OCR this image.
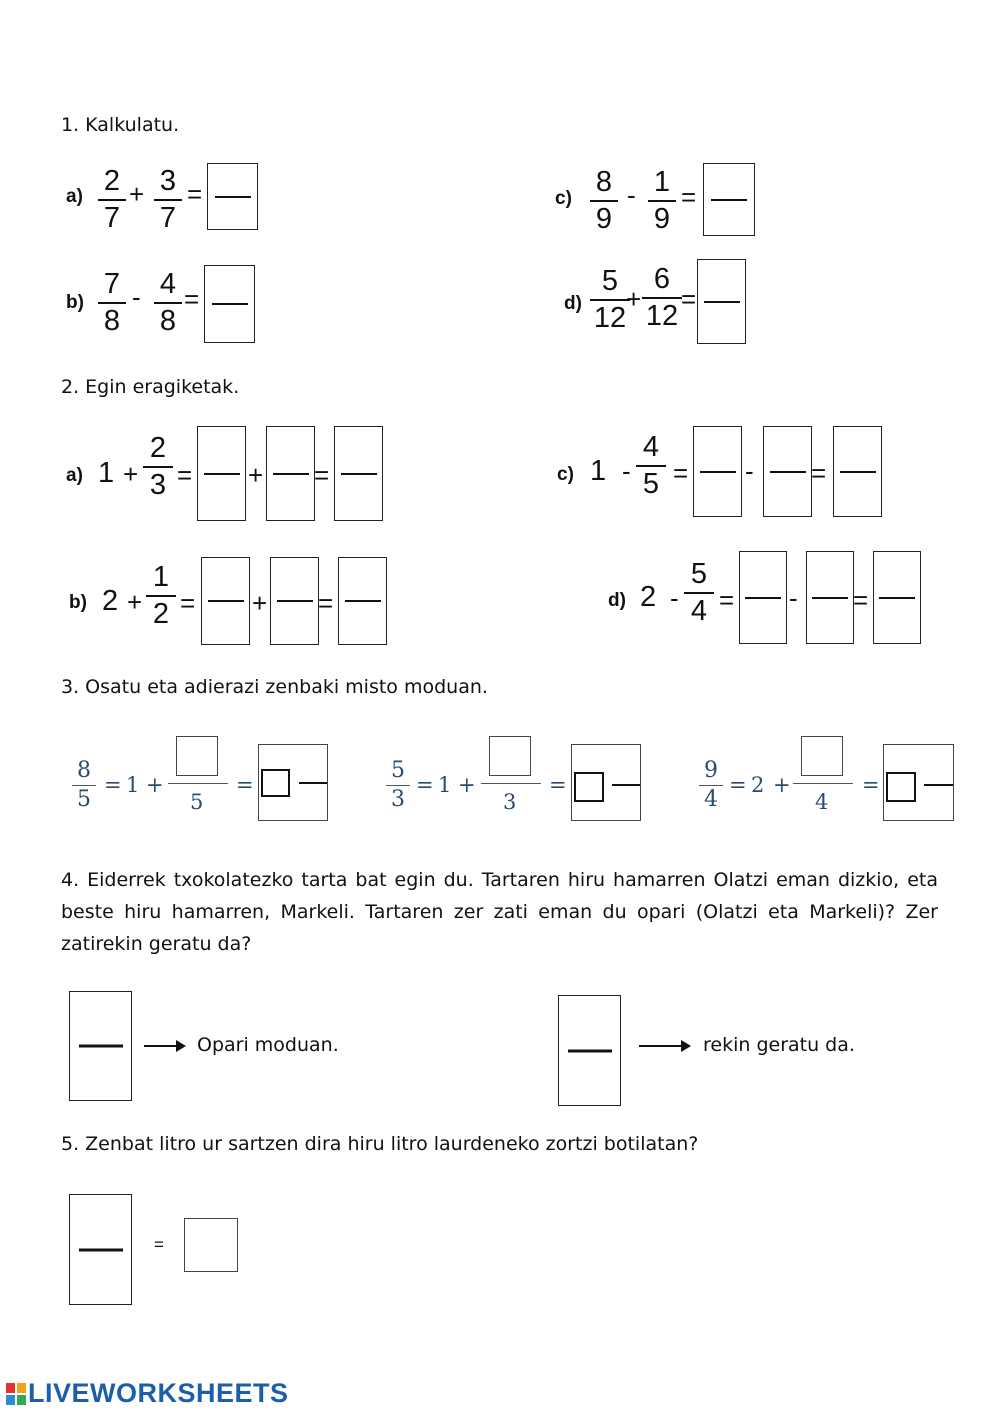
1. Kalkulatu.
a) 2
7
+ 3
7
=
b)
7
8
- 4
8
=
c)
8
9
- 1
9
=
d)
5
12
+
6
12
=
2. Egin eragiketak.
a) 1 +
2
3 = + =
b) 2 +
1
2 = + =
c) 1 -
4
5 = - =
d) 2 -
5
4 = - =
3. Osatu eta adierazi zenbaki misto moduan.
8
5
= 1 +
5
=
5
3
= 1 +
3
=
9
4
= 2 +
4
=

4. Eiderrek txokolatezko tarta bat egin du. Tartaren hiru hamarren Olatzi eman dizkio, eta beste hiru hamarren, Markeli. Tartaren zer zati eman du opari (Olatzi eta Markeli)? Zer zatirekin geratu da?

Opari moduan.	rekin geratu da.
5. Zenbat litro ur sartzen dira hiru litro laurdeneko zortzi botilatan?
=
LIVEWORKSHEETS
